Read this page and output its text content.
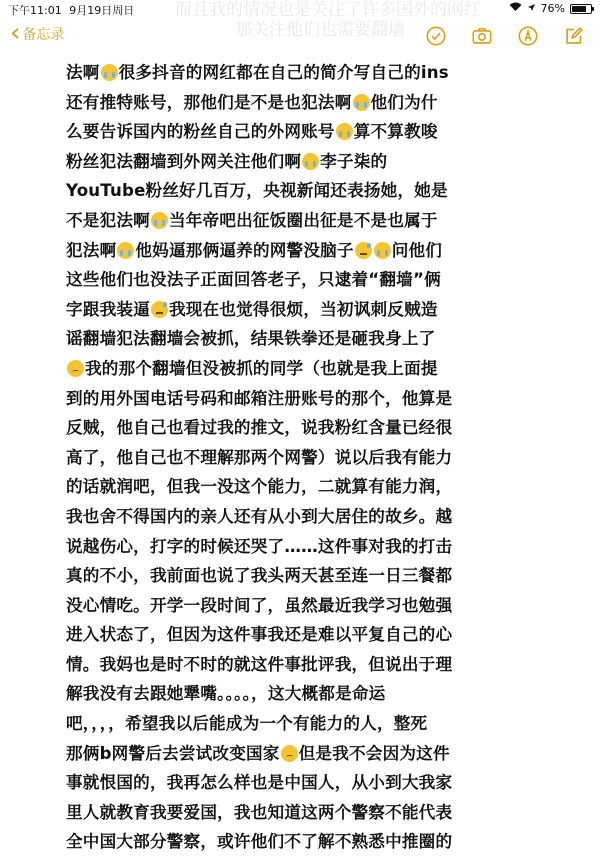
下午11:01 9月19日周日	76%
而且我的情况也是关注了许多国外的网红
那关注他们也需要翻墙
‹ 备忘录
法啊 很多抖音的网红都在自己的简介写自己的ins
还有推特账号，那他们是不是也犯法啊 他们为什
么要告诉国内的粉丝自己的外网账号 算不算教唆
粉丝犯法翻墙到外网关注他们啊 李子柒的
YouTube粉丝好几百万，央视新闻还表扬她，她是
不是犯法啊 当年帝吧出征饭圈出征是不是也属于
犯法啊 他妈逼那俩逼养的网警没脑子 问他们
这些他们也没法子正面回答老子，只逮着“翻墙”俩
字跟我装逼 我现在也觉得很烦，当初讽刺反贼造
谣翻墙犯法翻墙会被抓，结果铁拳还是砸我身上了
我的那个翻墙但没被抓的同学（也就是我上面提
到的用外国电话号码和邮箱注册账号的那个，他算是
反贼，他自己也看过我的推文，说我粉红含量已经很
高了，他自己也不理解那两个网警）说以后我有能力
的话就润吧，但我一没这个能力，二就算有能力润，
我也舍不得国内的亲人还有从小到大居住的故乡。越
说越伤心，打字的时候还哭了……这件事对我的打击
真的不小，我前面也说了我头两天甚至连一日三餐都
没心情吃。开学一段时间了，虽然最近我学习也勉强
进入状态了，但因为这件事我还是难以平复自己的心
情。我妈也是时不时的就这件事批评我，但说出于理
解我没有去跟她犟嘴。。。。，这大概都是命运
吧，，，，希望我以后能成为一个有能力的人，整死
那俩b网警后去尝试改变国家 但是我不会因为这件
事就恨国的，我再怎么样也是中国人，从小到大我家
里人就教育我要爱国，我也知道这两个警察不能代表
全中国大部分警察，或许他们不了解不熟悉中推圈的
